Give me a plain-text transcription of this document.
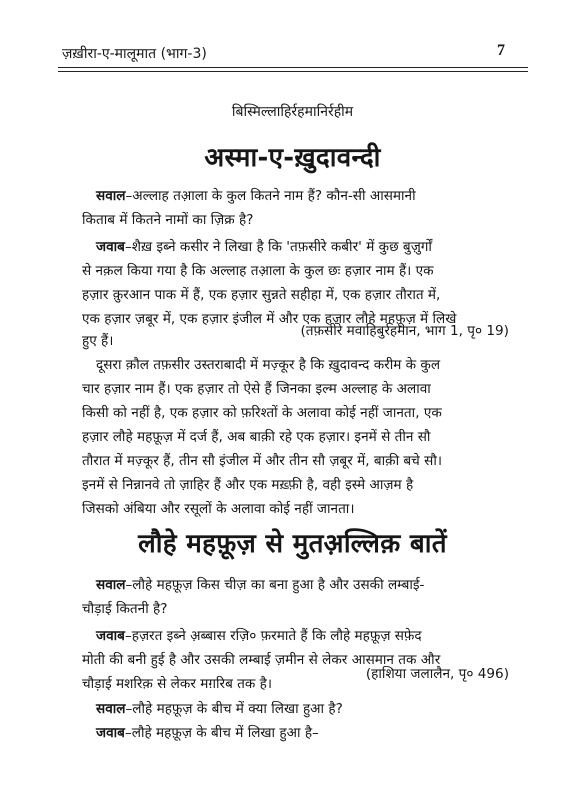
ज़ख़ीरा-ए-मालूमात (भाग-3)	7
बिस्मिल्लाहिर्रहमानिर्रहीम
अस्मा-ए-ख़ुदावन्दी
सवाल–अल्लाह तआ़ला के कुल कितने नाम हैं? कौन-सी आसमानी
किताब में कितने नामों का ज़िक्र है?
जवाब–शैख़ इब्ने कसीर ने लिखा है कि 'तफ़सीरे कबीर' में कुछ बुज़ुर्गों
से नक़ल किया गया है कि अल्लाह तआ़ला के कुल छः हज़ार नाम हैं। एक
हज़ार क़ुरआन पाक में हैं, एक हज़ार सुन्नते सहीहा में, एक हज़ार तौरात में,
एक हज़ार ज़बूर में, एक हज़ार इंजील में और एक हज़ार लौहे महफ़ूज़ में लिखे
हुए हैं।
(तफ़सीरे मवाहिबुर्रहमान, भाग 1, पृ० 19)
दूसरा क़ौल तफ़सीर उस्तराबादी में मज़्कूर है कि ख़ुदावन्द करीम के कुल
चार हज़ार नाम हैं। एक हज़ार तो ऐसे हैं जिनका इल्म अल्लाह के अलावा
किसी को नहीं है, एक हज़ार को फ़रिश्तों के अलावा कोई नहीं जानता, एक
हज़ार लौहे महफ़ूज़ में दर्ज हैं, अब बाक़ी रहे एक हज़ार। इनमें से तीन सौ
तौरात में मज़्कूर हैं, तीन सौ इंजील में और तीन सौ ज़बूर में, बाक़ी बचे सौ।
इनमें से निन्नानवे तो ज़ाहिर हैं और एक मख़्फ़ी है, वही इस्मे आज़म है
जिसको अंबिया और रसूलों के अलावा कोई नहीं जानता।
लौहे महफ़ूज़ से मुतअ़ल्लिक़ बातें
सवाल–लौहे महफ़ूज़ किस चीज़ का बना हुआ है और उसकी लम्बाई-
चौड़ाई कितनी है?
जवाब–हज़रत इब्ने अ़ब्बास रज़ि० फ़रमाते हैं कि लौहे महफ़ूज़ सफ़ेद
मोती की बनी हुई है और उसकी लम्बाई ज़मीन से लेकर आसमान तक और
चौड़ाई मशरिक़ से लेकर मग़रिब तक है।
(हाशिया जलालैन, पृ० 496)
सवाल–लौहे महफ़ूज़ के बीच में क्या लिखा हुआ है?
जवाब–लौहे महफ़ूज़ के बीच में लिखा हुआ है–
